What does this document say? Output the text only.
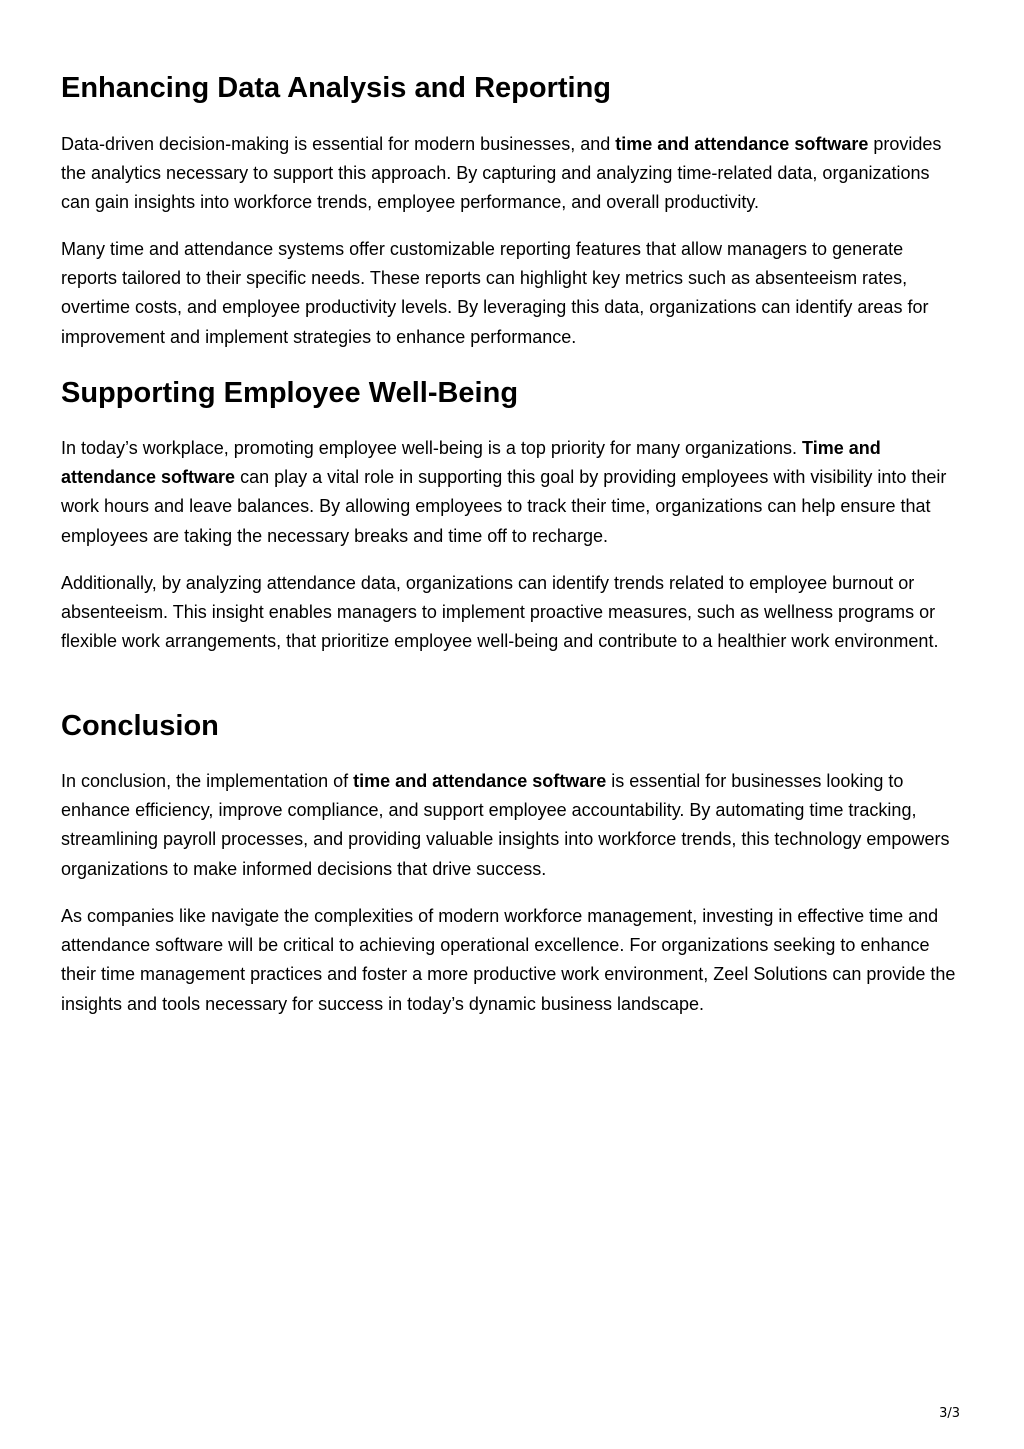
Enhancing Data Analysis and Reporting

Data-driven decision-making is essential for modern businesses, and time and attendance software provides the analytics necessary to support this approach. By capturing and analyzing time-related data, organizations can gain insights into workforce trends, employee performance, and overall productivity.

Many time and attendance systems offer customizable reporting features that allow managers to generate reports tailored to their specific needs. These reports can highlight key metrics such as absenteeism rates, overtime costs, and employee productivity levels. By leveraging this data, organizations can identify areas for improvement and implement strategies to enhance performance.

Supporting Employee Well-Being

In today’s workplace, promoting employee well-being is a top priority for many organizations. Time and attendance software can play a vital role in supporting this goal by providing employees with visibility into their work hours and leave balances. By allowing employees to track their time, organizations can help ensure that employees are taking the necessary breaks and time off to recharge.

Additionally, by analyzing attendance data, organizations can identify trends related to employee burnout or absenteeism. This insight enables managers to implement proactive measures, such as wellness programs or flexible work arrangements, that prioritize employee well-being and contribute to a healthier work environment.

Conclusion

In conclusion, the implementation of time and attendance software is essential for businesses looking to enhance efficiency, improve compliance, and support employee accountability. By automating time tracking, streamlining payroll processes, and providing valuable insights into workforce trends, this technology empowers organizations to make informed decisions that drive success.

As companies like navigate the complexities of modern workforce management, investing in effective time and attendance software will be critical to achieving operational excellence. For organizations seeking to enhance their time management practices and foster a more productive work environment, Zeel Solutions can provide the insights and tools necessary for success in today’s dynamic business landscape.

3/3
